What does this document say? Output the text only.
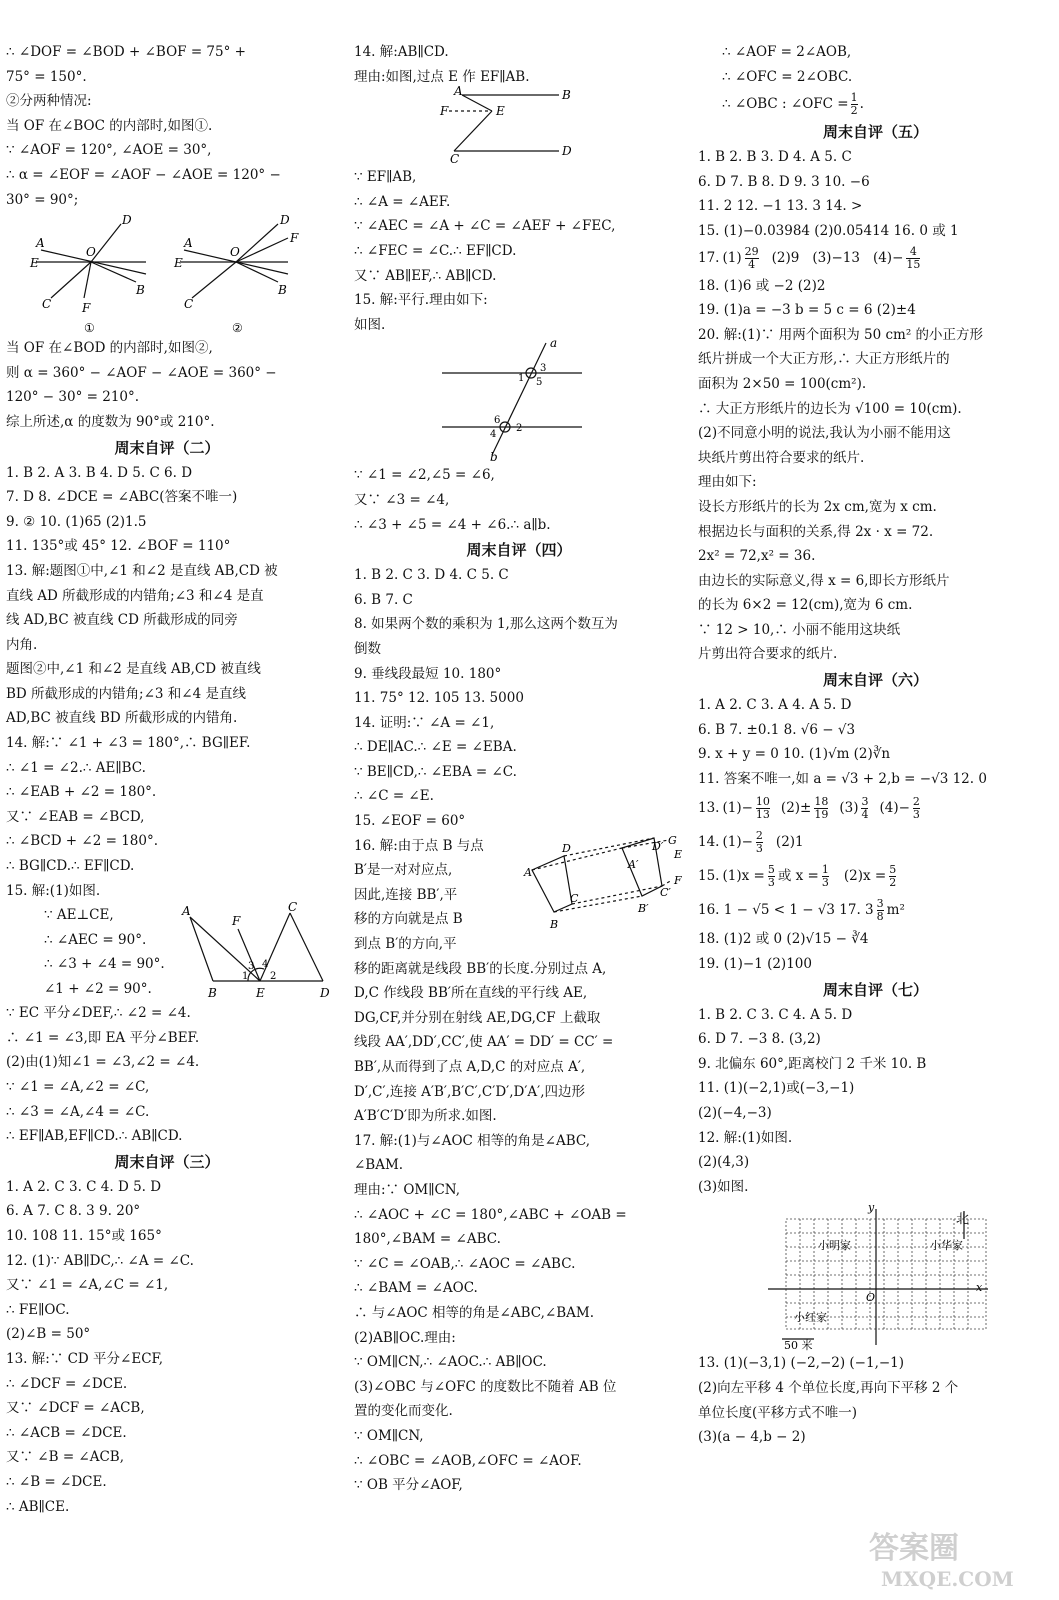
∴ ∠DOF = ∠BOD + ∠BOF = 75° +
75° = 150°.
②分两种情况:
当 OF 在∠BOC 的内部时,如图①.
∵ ∠AOF = 120°, ∠AOE = 30°,
∴ α = ∠EOF = ∠AOF − ∠AOE = 120° −
30° = 90°;
A
D
E
O
B
C	F
①
A
D
F
E
O
B
C
②
当 OF 在∠BOD 的内部时,如图②,
则 α = 360° − ∠AOF − ∠AOE = 360° −
120° − 30° = 210°.
综上所述,α 的度数为 90°或 210°.
周末自评（二）
1. B 2. A 3. B 4. D 5. C 6. D
7. D 8. ∠DCE = ∠ABC(答案不唯一)
9. ② 10. (1)65 (2)1.5
11. 135°或 45° 12. ∠BOF = 110°
13. 解:题图①中,∠1 和∠2 是直线 AB,CD 被
直线 AD 所截形成的内错角;∠3 和∠4 是直
线 AD,BC 被直线 CD 所截形成的同旁
内角.
题图②中,∠1 和∠2 是直线 AB,CD 被直线
BD 所截形成的内错角;∠3 和∠4 是直线
AD,BC 被直线 BD 所截形成的内错角.
14. 解:∵ ∠1 + ∠3 = 180°,∴ BG∥EF.
∴ ∠1 = ∠2.∴ AE∥BC.
∴ ∠EAB + ∠2 = 180°.
又∵ ∠EAB = ∠BCD,
∴ ∠BCD + ∠2 = 180°.
∴ BG∥CD.∴ EF∥CD.
15. 解:(1)如图.
∵ AE⊥CE,
∴ ∠AEC = 90°.
∴ ∠3 + ∠4 = 90°.
∠1 + ∠2 = 90°.
A
F
C
B	E	D
1 2
3 4
∵ EC 平分∠DEF,∴ ∠2 = ∠4.
∴ ∠1 = ∠3,即 EA 平分∠BEF.
(2)由(1)知∠1 = ∠3,∠2 = ∠4.
∵ ∠1 = ∠A,∠2 = ∠C,
∴ ∠3 = ∠A,∠4 = ∠C.
∴ EF∥AB,EF∥CD.∴ AB∥CD.
周末自评（三）
1. A 2. C 3. C 4. D 5. D
6. A 7. C 8. 3 9. 20°
10. 108 11. 15°或 165°
12. (1)∵ AB∥DC,∴ ∠A = ∠C.
又∵ ∠1 = ∠A,∠C = ∠1,
∴ FE∥OC.
(2)∠B = 50°
13. 解:∵ CD 平分∠ECF,
∴ ∠DCF = ∠DCE.
又∵ ∠DCF = ∠ACB,
∴ ∠ACB = ∠DCE.
又∵ ∠B = ∠ACB,
∴ ∠B = ∠DCE.
∴ AB∥CE.
14. 解:AB∥CD.
理由:如图,过点 E 作 EF∥AB.
A	B
F	E
C
D
∵ EF∥AB,
∴ ∠A = ∠AEF.
∵ ∠AEC = ∠A + ∠C = ∠AEF + ∠FEC,
∴ ∠FEC = ∠C.∴ EF∥CD.
又∵ AB∥EF,∴ AB∥CD.
15. 解:平行.理由如下:
如图.
a
b
1
2
3
4
5
6
∵ ∠1 = ∠2,∠5 = ∠6,
又∵ ∠3 = ∠4,
∴ ∠3 + ∠5 = ∠4 + ∠6.∴ a∥b.
周末自评（四）
1. B 2. C 3. D 4. C 5. C
6. B 7. C
8. 如果两个数的乘积为 1,那么这两个数互为
倒数
9. 垂线段最短 10. 180°
11. 75° 12. 105 13. 5000
14. 证明:∵ ∠A = ∠1,
∴ DE∥AC.∴ ∠E = ∠EBA.
∵ BE∥CD,∴ ∠EBA = ∠C.
∴ ∠C = ∠E.
15. ∠EOF = 60°
16. 解:由于点 B 与点
B′是一对对应点,
因此,连接 BB′,平
移的方向就是点 B
到点 B′的方向,平
A
D	D′ G
C
A′
C′
E
F
B
B′
移的距离就是线段 BB′的长度.分别过点 A,
D,C 作线段 BB′所在直线的平行线 AE,
DG,CF,并分别在射线 AE,DG,CF 上截取
线段 AA′,DD′,CC′,使 AA′ = DD′ = CC′ =
BB′,从而得到了点 A,D,C 的对应点 A′,
D′,C′,连接 A′B′,B′C′,C′D′,D′A′,四边形
A′B′C′D′即为所求.如图.
17. 解:(1)与∠AOC 相等的角是∠ABC,
∠BAM.
理由:∵ OM∥CN,
∴ ∠AOC + ∠C = 180°,∠ABC + ∠OAB =
180°,∠BAM = ∠ABC.
∵ ∠C = ∠OAB,∴ ∠AOC = ∠ABC.
∴ ∠BAM = ∠AOC.
∴ 与∠AOC 相等的角是∠ABC,∠BAM.
(2)AB∥OC.理由:
∵ OM∥CN,∴ ∠AOC.∴ AB∥OC.
(3)∠OBC 与∠OFC 的度数比不随着 AB 位
置的变化而变化.
∵ OM∥CN,
∴ ∠OBC = ∠AOB,∠OFC = ∠AOF.
∵ OB 平分∠AOF,
∴ ∠AOF = 2∠AOB,
∴ ∠OFC = 2∠OBC.
∴ ∠OBC : ∠OFC = 1
2 .
周末自评（五）
1. B 2. B 3. D 4. A 5. C
6. D 7. B 8. D 9. 3 10. −6
11. 2 12. −1 13. 3 14. >
15. (1)−0.03984 (2)0.05414 16. 0 或 1
17. (1) 29
4 (2)9 (3)−13 (4)− 4
15
18. (1)6 或 −2 (2)2
19. (1)a = −3 b = 5 c = 6 (2)±4
20. 解:(1)∵ 用两个面积为 50 cm² 的小正方形
纸片拼成一个大正方形,∴ 大正方形纸片的
面积为 2×50 = 100(cm²).
∴ 大正方形纸片的边长为 √100 = 10(cm).
(2)不同意小明的说法,我认为小丽不能用这
块纸片剪出符合要求的纸片.
理由如下:
设长方形纸片的长为 2x cm,宽为 x cm.
根据边长与面积的关系,得 2x · x = 72.
2x² = 72,x² = 36.
由边长的实际意义,得 x = 6,即长方形纸片
的长为 6×2 = 12(cm),宽为 6 cm.
∵ 12 > 10,∴ 小丽不能用这块纸
片剪出符合要求的纸片.
周末自评（六）
1. A 2. C 3. A 4. A 5. D
6. B 7. ±0.1 8. √6 − √3
9. x + y = 0 10. (1)√m (2)∛n
11. 答案不唯一,如 a = √3 + 2,b = −√3 12. 0
13. (1)− 10
13 (2)± 18
19 (3) 3
4 (4)− 2
3
14. (1)− 2
3 (2)1
15. (1)x = 5
3 或 x = 1
3 (2)x = 5
2
16. 1 − √5 < 1 − √3 17. 3 3
8 m²
18. (1)2 或 0 (2)√15 − ∛4
19. (1)−1 (2)100
周末自评（七）
1. B 2. C 3. C 4. A 5. D
6. D 7. −3 8. (3,2)
9. 北偏东 60°,距离校门 2 千米 10. B
11. (1)(−2,1)或(−3,−1)
(2)(−4,−3)
12. 解:(1)如图.
(2)(4,3)
(3)如图.
y
x
O
北
小明家	小华家
小红家
50 米
13. (1)(−3,1) (−2,−2) (−1,−1)
(2)向左平移 4 个单位长度,再向下平移 2 个
单位长度(平移方式不唯一)
(3)(a − 4,b − 2)
答案圈
MXQE.COM
